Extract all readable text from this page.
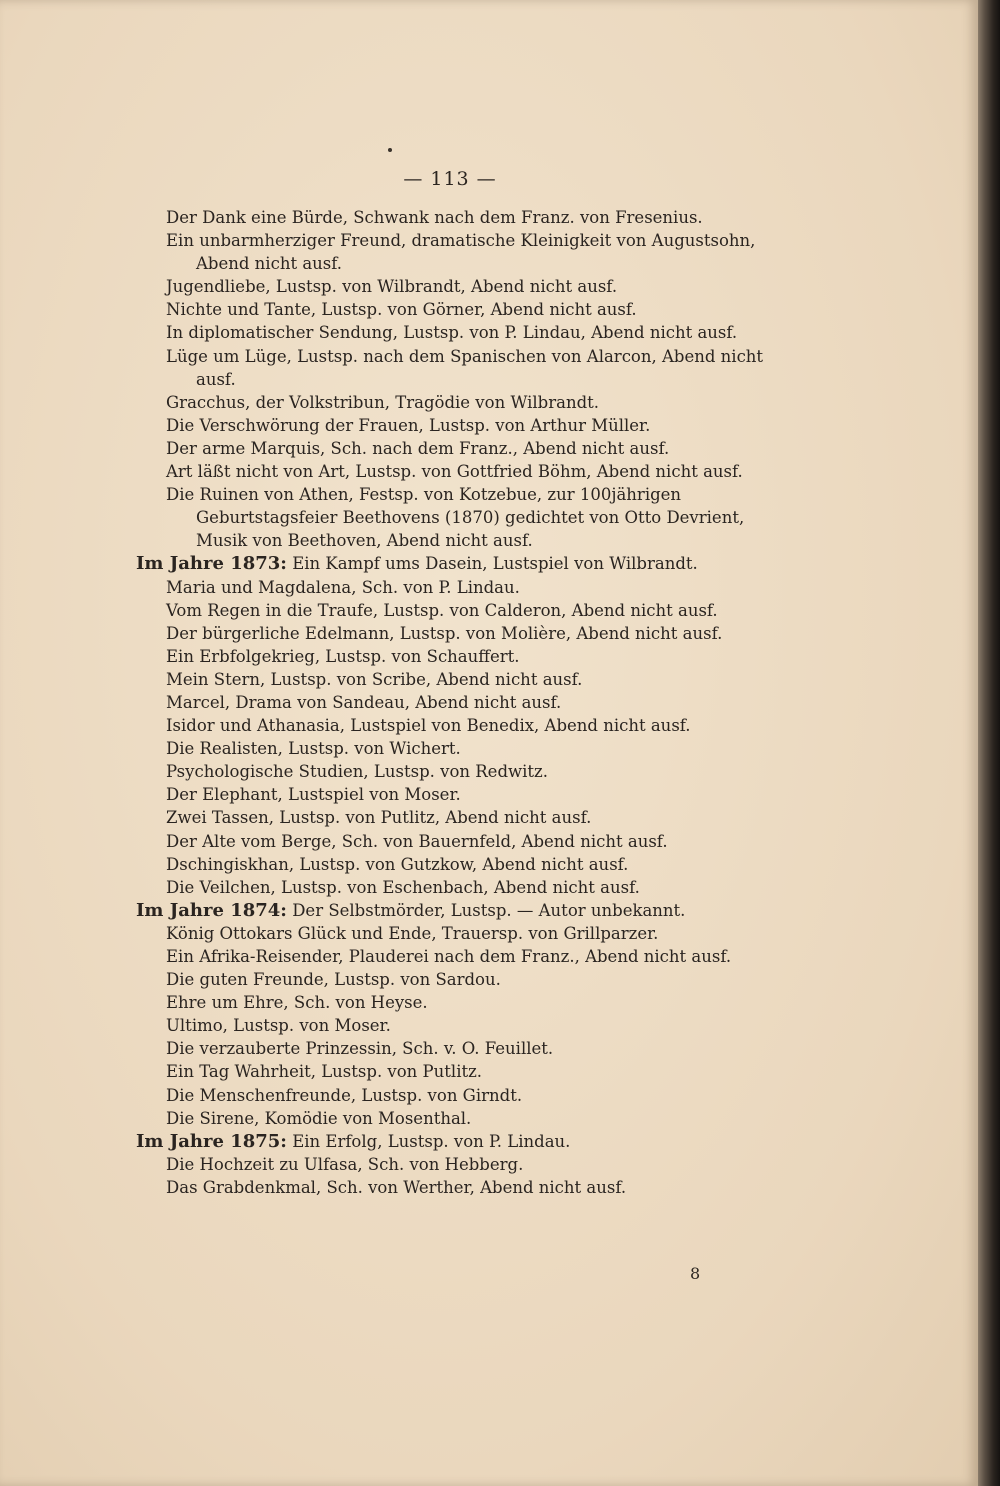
— 113 —
Der Dank eine Bürde, Schwank nach dem Franz. von Fresenius.
Ein unbarmherziger Freund, dramatische Kleinigkeit von Augustsohn, Abend nicht ausf.
Jugendliebe, Lustsp. von Wilbrandt, Abend nicht ausf.
Nichte und Tante, Lustsp. von Görner, Abend nicht ausf.
In diplomatischer Sendung, Lustsp. von P. Lindau, Abend nicht ausf.
Lüge um Lüge, Lustsp. nach dem Spanischen von Alarcon, Abend nicht ausf.
Gracchus, der Volkstribun, Tragödie von Wilbrandt.
Die Verschwörung der Frauen, Lustsp. von Arthur Müller.
Der arme Marquis, Sch. nach dem Franz., Abend nicht ausf.
Art läßt nicht von Art, Lustsp. von Gottfried Böhm, Abend nicht ausf.
Die Ruinen von Athen, Festsp. von Kotzebue, zur 100jährigen Geburtstagsfeier Beethovens (1870) gedichtet von Otto Devrient, Musik von Beethoven, Abend nicht ausf.
Im Jahre 1873: Ein Kampf ums Dasein, Lustspiel von Wilbrandt.
Maria und Magdalena, Sch. von P. Lindau.
Vom Regen in die Traufe, Lustsp. von Calderon, Abend nicht ausf.
Der bürgerliche Edelmann, Lustsp. von Molière, Abend nicht ausf.
Ein Erbfolgekrieg, Lustsp. von Schauffert.
Mein Stern, Lustsp. von Scribe, Abend nicht ausf.
Marcel, Drama von Sandeau, Abend nicht ausf.
Isidor und Athanasia, Lustspiel von Benedix, Abend nicht ausf.
Die Realisten, Lustsp. von Wichert.
Psychologische Studien, Lustsp. von Redwitz.
Der Elephant, Lustspiel von Moser.
Zwei Tassen, Lustsp. von Putlitz, Abend nicht ausf.
Der Alte vom Berge, Sch. von Bauernfeld, Abend nicht ausf.
Dschingiskhan, Lustsp. von Gutzkow, Abend nicht ausf.
Die Veilchen, Lustsp. von Eschenbach, Abend nicht ausf.
Im Jahre 1874: Der Selbstmörder, Lustsp. — Autor unbekannt.
König Ottokars Glück und Ende, Trauersp. von Grillparzer.
Ein Afrika-Reisender, Plauderei nach dem Franz., Abend nicht ausf.
Die guten Freunde, Lustsp. von Sardou.
Ehre um Ehre, Sch. von Heyse.
Ultimo, Lustsp. von Moser.
Die verzauberte Prinzessin, Sch. v. O. Feuillet.
Ein Tag Wahrheit, Lustsp. von Putlitz.
Die Menschenfreunde, Lustsp. von Girndt.
Die Sirene, Komödie von Mosenthal.
Im Jahre 1875: Ein Erfolg, Lustsp. von P. Lindau.
Die Hochzeit zu Ulfasa, Sch. von Hebberg.
Das Grabdenkmal, Sch. von Werther, Abend nicht ausf.
8
